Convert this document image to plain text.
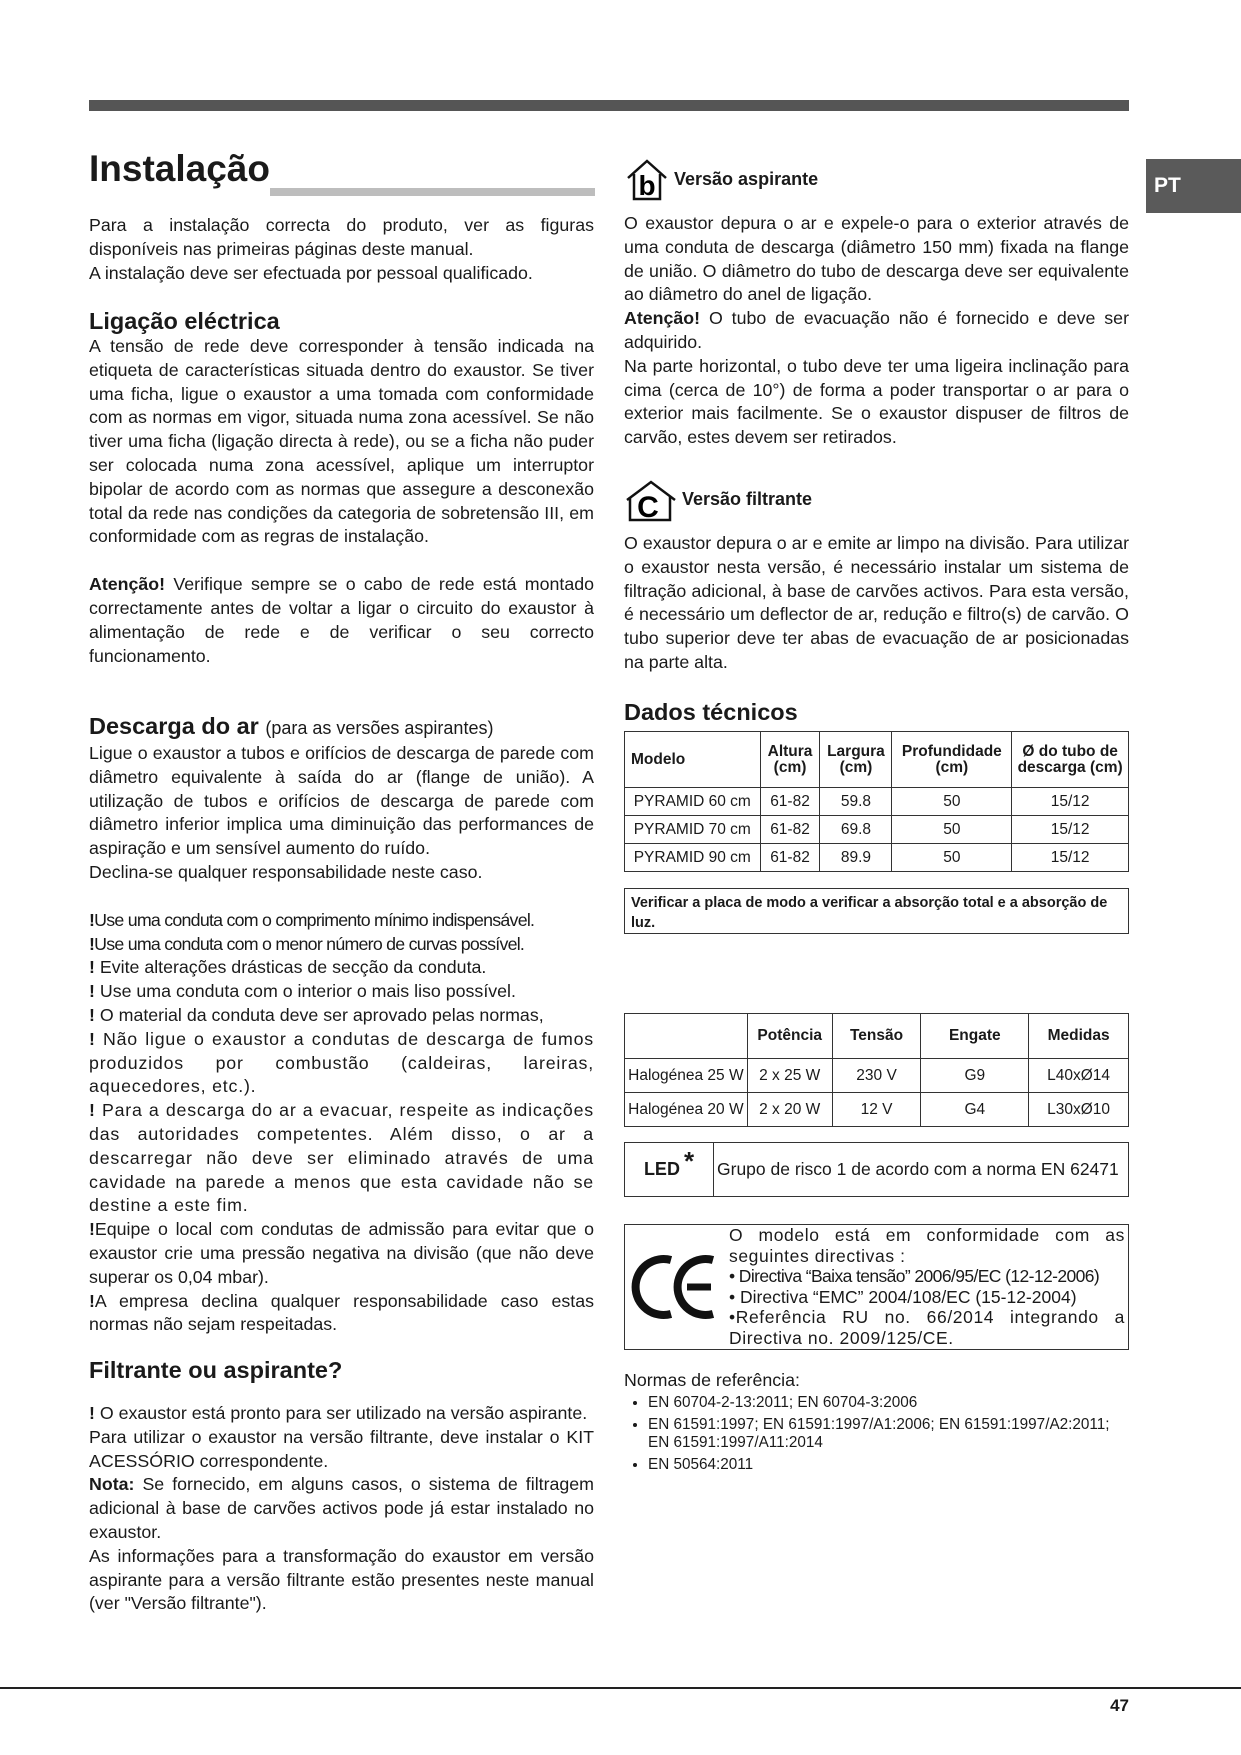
PT
Instalação

Para a instalação correcta do produto, ver as figuras disponíveis nas primeiras páginas deste manual.

A instalação deve ser efectuada por pessoal qualificado.

Ligação eléctrica

A tensão de rede deve corresponder à tensão indicada na etiqueta de características situada dentro do exaustor. Se tiver uma ficha, ligue o exaustor a uma tomada com conformidade com as normas em vigor, situada numa zona acessível. Se não tiver uma ficha (ligação directa à rede), ou se a ficha não puder ser colocada numa zona acessível, aplique um interruptor bipolar de acordo com as normas que assegure a desconexão total da rede nas condições da categoria de sobretensão III, em conformidade com as regras de instalação.

Atenção! Verifique sempre se o cabo de rede está montado correctamente antes de voltar a ligar o circuito do exaustor à alimentação de rede e de verificar o seu correcto funcionamento.

Descarga do ar (para as versões aspirantes)

Ligue o exaustor a tubos e orifícios de descarga de parede com diâmetro equivalente à saída do ar (flange de união). A utilização de tubos e orifícios de descarga de parede com diâmetro inferior implica uma diminuição das performances de aspiração e um sensível aumento do ruído.

Declina-se qualquer responsabilidade neste caso.

!Use uma conduta com o comprimento mínimo indispensável.

!Use uma conduta com o menor número de curvas possível.

! Evite alterações drásticas de secção da conduta.

! Use uma conduta com o interior o mais liso possível.

! O material da conduta deve ser aprovado pelas normas,

! Não ligue o exaustor a condutas de descarga de fumos produzidos por combustão (caldeiras, lareiras, aquecedores, etc.).

! Para a descarga do ar a evacuar, respeite as indicações das autoridades competentes. Além disso, o ar a descarregar não deve ser eliminado através de uma cavidade na parede a menos que esta cavidade não se destine a este fim.

!Equipe o local com condutas de admissão para evitar que o exaustor crie uma pressão negativa na divisão (que não deve superar os 0,04 mbar).

!A empresa declina qualquer responsabilidade caso estas normas não sejam respeitadas.

Filtrante ou aspirante?

! O exaustor está pronto para ser utilizado na versão aspirante.

Para utilizar o exaustor na versão filtrante, deve instalar o KIT ACESSÓRIO correspondente.

Nota: Se fornecido, em alguns casos, o sistema de filtragem adicional à base de carvões activos pode já estar instalado no exaustor.

As informações para a transformação do exaustor em versão aspirante para a versão filtrante estão presentes neste manual (ver "Versão filtrante").

b Versão aspirante

O exaustor depura o ar e expele-o para o exterior através de uma conduta de descarga (diâmetro 150 mm) fixada na flange de união. O diâmetro do tubo de descarga deve ser equivalente ao diâmetro do anel de ligação.

Atenção! O tubo de evacuação não é fornecido e deve ser adquirido.

Na parte horizontal, o tubo deve ter uma ligeira inclinação para cima (cerca de 10°) de forma a poder transportar o ar para o exterior mais facilmente. Se o exaustor dispuser de filtros de carvão, estes devem ser retirados.

C Versão filtrante

O exaustor depura o ar e emite ar limpo na divisão. Para utilizar o exaustor nesta versão, é necessário instalar um sistema de filtração adicional, à base de carvões activos. Para esta versão, é necessário um deflector de ar, redução e filtro(s) de carvão. O tubo superior deve ter abas de evacuação de ar posicionadas na parte alta.

Dados técnicos
Modelo	Altura (cm)	Largura (cm)	Profundidade (cm)	Ø do tubo de descarga (cm)
PYRAMID 60 cm	61-82	59.8	50	15/12
PYRAMID 70 cm	61-82	69.8	50	15/12
PYRAMID 90 cm	61-82	89.9	50	15/12
Verificar a placa de modo a verificar a absorção total e a absorção de luz.
	Potência	Tensão	Engate	Medidas
Halogénea 25 W	2 x 25 W	230 V	G9	L40xØ14
Halogénea 20 W	2 x 20 W	12 V	G4	L30xØ10
LED * Grupo de risco 1 de acordo com a norma EN 62471
O modelo está em conformidade com as seguintes directivas :
• Directiva “Baixa tensão” 2006/95/EC (12-12-2006)
• Directiva “EMC” 2004/108/EC (15-12-2004)
•Referência RU no. 66/2014 integrando a Directiva no. 2009/125/CE.
Normas de referência:
• EN 60704-2-13:2011; EN 60704-3:2006
• EN 61591:1997; EN 61591:1997/A1:2006; EN 61591:1997/A2:2011; EN 61591:1997/A11:2014
• EN 50564:2011
47
